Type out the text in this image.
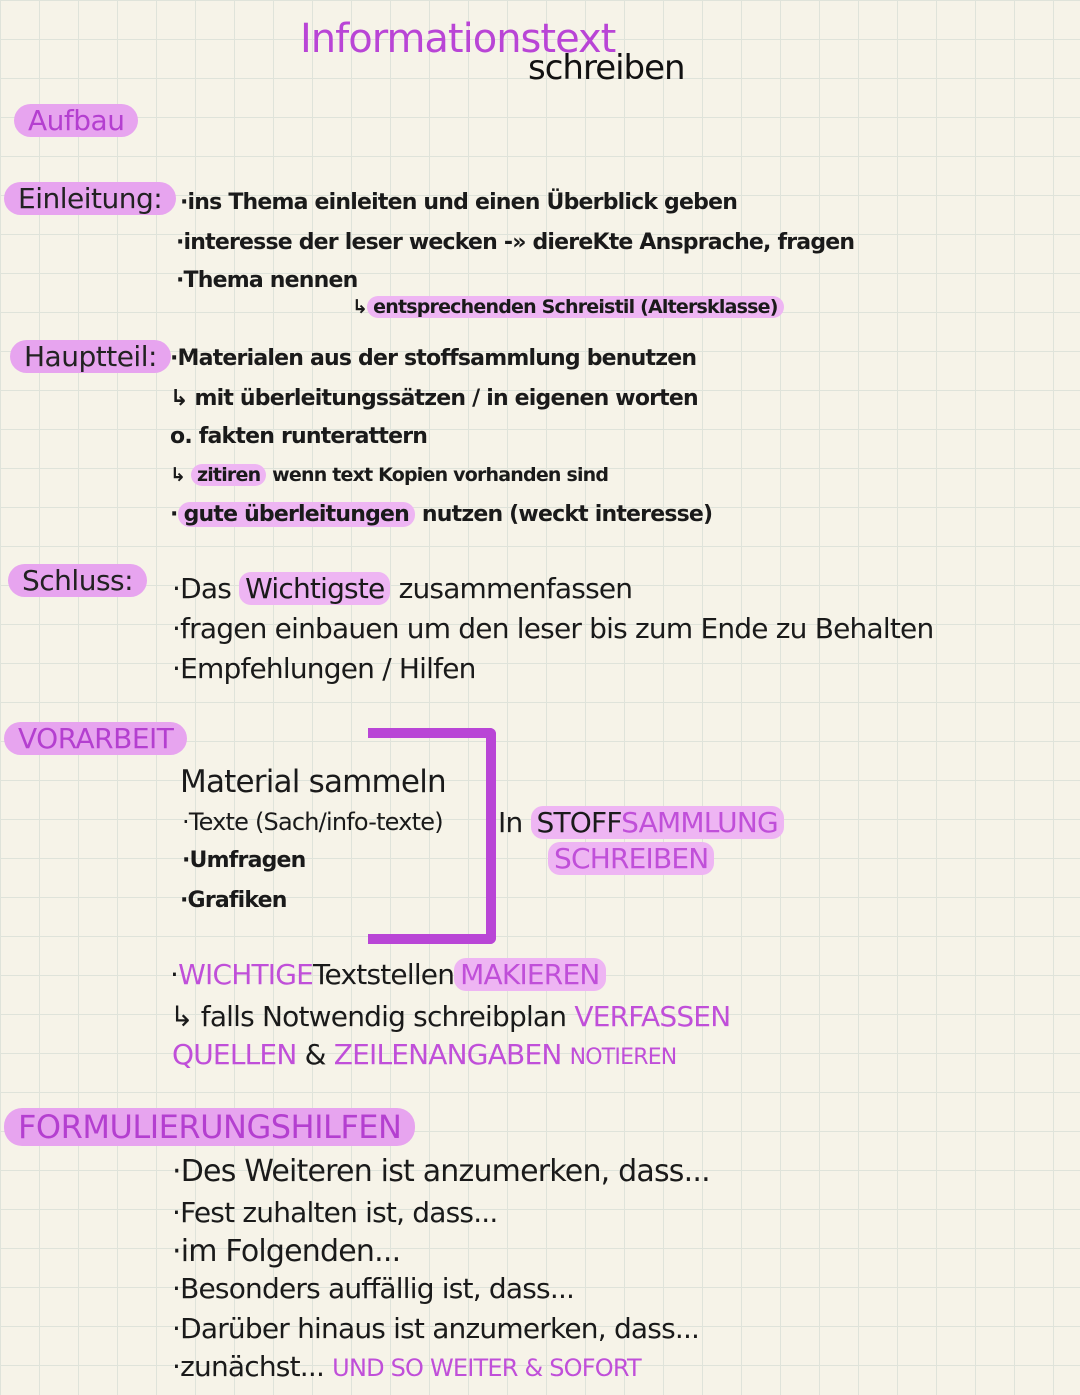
Informationstext
schreiben
Aufbau
Einleitung: ·ins Thema einleiten und einen Überblick geben
·interesse der leser wecken -» diereKte Ansprache, fragen
·Thema nennen
↳ entsprechenden Schreistil (Altersklasse)
Hauptteil: ·Materialen aus der stoffsammlung benutzen
↳ mit überleitungssätzen / in eigenen worten
o. fakten runterattern
↳ zitiren wenn text Kopien vorhanden sind
· gute überleitungen nutzen (weckt interesse)
Schluss:	·Das Wichtigste zusammenfassen
·fragen einbauen um den leser bis zum Ende zu Behalten
·Empfehlungen / Hilfen
VORARBEIT
Material sammeln
·Texte (Sach/info-texte)
·Umfragen
·Grafiken
In STOFFSAMMLUNG
SCHREIBEN
·WICHTIGETextstellen MAKIEREN
↳ falls Notwendig schreibplan VERFASSEN
QUELLEN & ZEILENANGABEN NOTIEREN
FORMULIERUNGSHILFEN
·Des Weiteren ist anzumerken, dass...
·Fest zuhalten ist, dass...
·im Folgenden...
·Besonders auffällig ist, dass...
·Darüber hinaus ist anzumerken, dass...
·zunächst... UND SO WEITER & SOFORT
